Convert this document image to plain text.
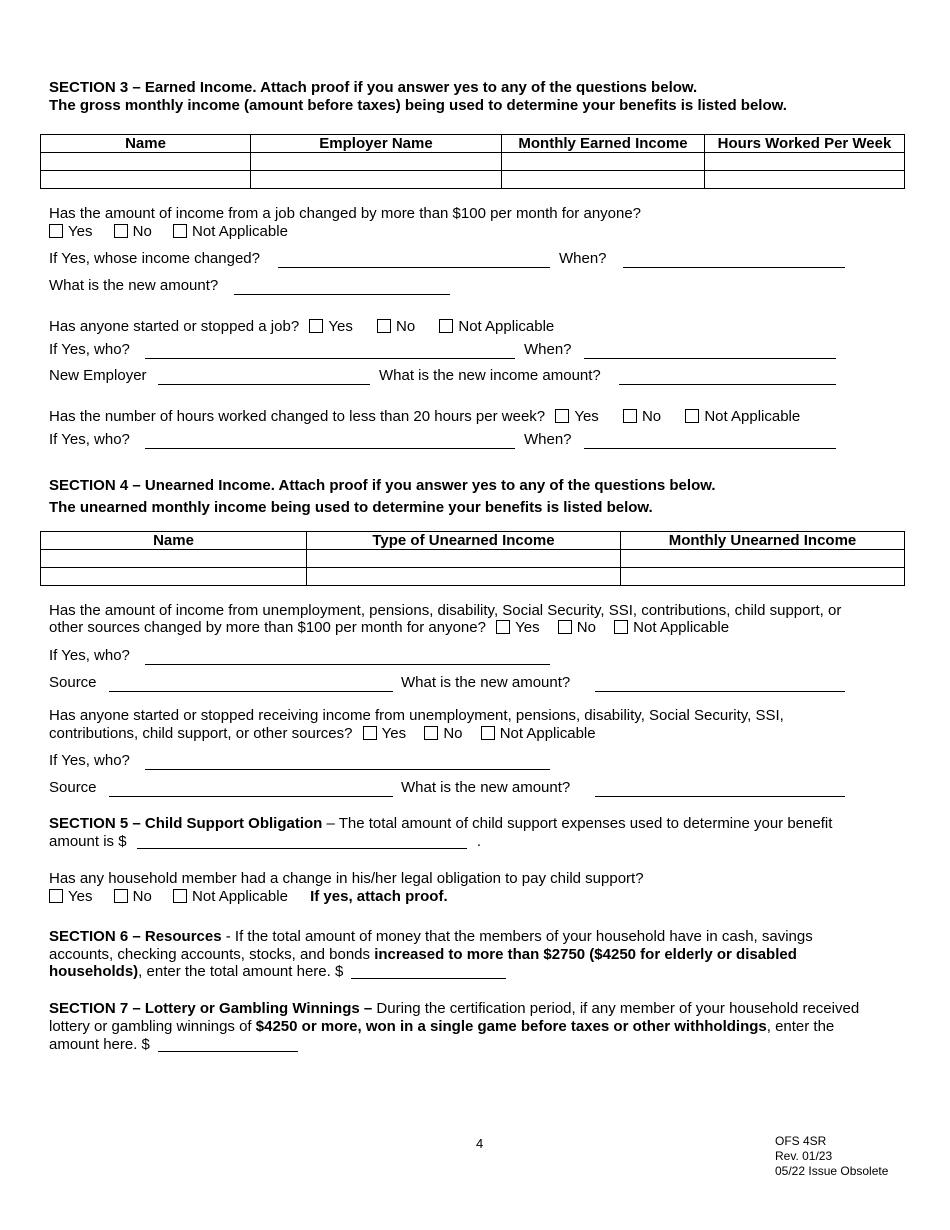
SECTION 3 – Earned Income. Attach proof if you answer yes to any of the questions below.
The gross monthly income (amount before taxes) being used to determine your benefits is listed below.
Name	Employer Name	Monthly Earned Income	Hours Worked Per Week

Has the amount of income from a job changed by more than $100 per month for anyone?
Yes	No	Not Applicable
If Yes, whose income changed?	When?
What is the new amount?
Has anyone started or stopped a job? Yes	No	Not Applicable
If Yes, who?	When?
New Employer	What is the new income amount?
Has the number of hours worked changed to less than 20 hours per week? Yes	No	Not Applicable
If Yes, who?	When?
SECTION 4 – Unearned Income. Attach proof if you answer yes to any of the questions below.
The unearned monthly income being used to determine your benefits is listed below.
Name	Type of Unearned Income	Monthly Unearned Income

Has the amount of income from unemployment, pensions, disability, Social Security, SSI, contributions, child support, or
other sources changed by more than $100 per month for anyone? Yes No Not Applicable
If Yes, who?
Source	What is the new amount?
Has anyone started or stopped receiving income from unemployment, pensions, disability, Social Security, SSI,
contributions, child support, or other sources? Yes No Not Applicable
If Yes, who?
Source	What is the new amount?
SECTION 5 – Child Support Obligation – The total amount of child support expenses used to determine your benefit
amount is $	.
Has any household member had a change in his/her legal obligation to pay child support?
Yes	No	Not Applicable If yes, attach proof.
SECTION 6 – Resources - If the total amount of money that the members of your household have in cash, savings
accounts, checking accounts, stocks, and bonds increased to more than $2750 ($4250 for elderly or disabled
households), enter the total amount here. $
SECTION 7 – Lottery or Gambling Winnings – During the certification period, if any member of your household received
lottery or gambling winnings of $4250 or more, won in a single game before taxes or other withholdings, enter the
amount here. $
4	OFS 4SR
Rev. 01/23
05/22 Issue Obsolete
